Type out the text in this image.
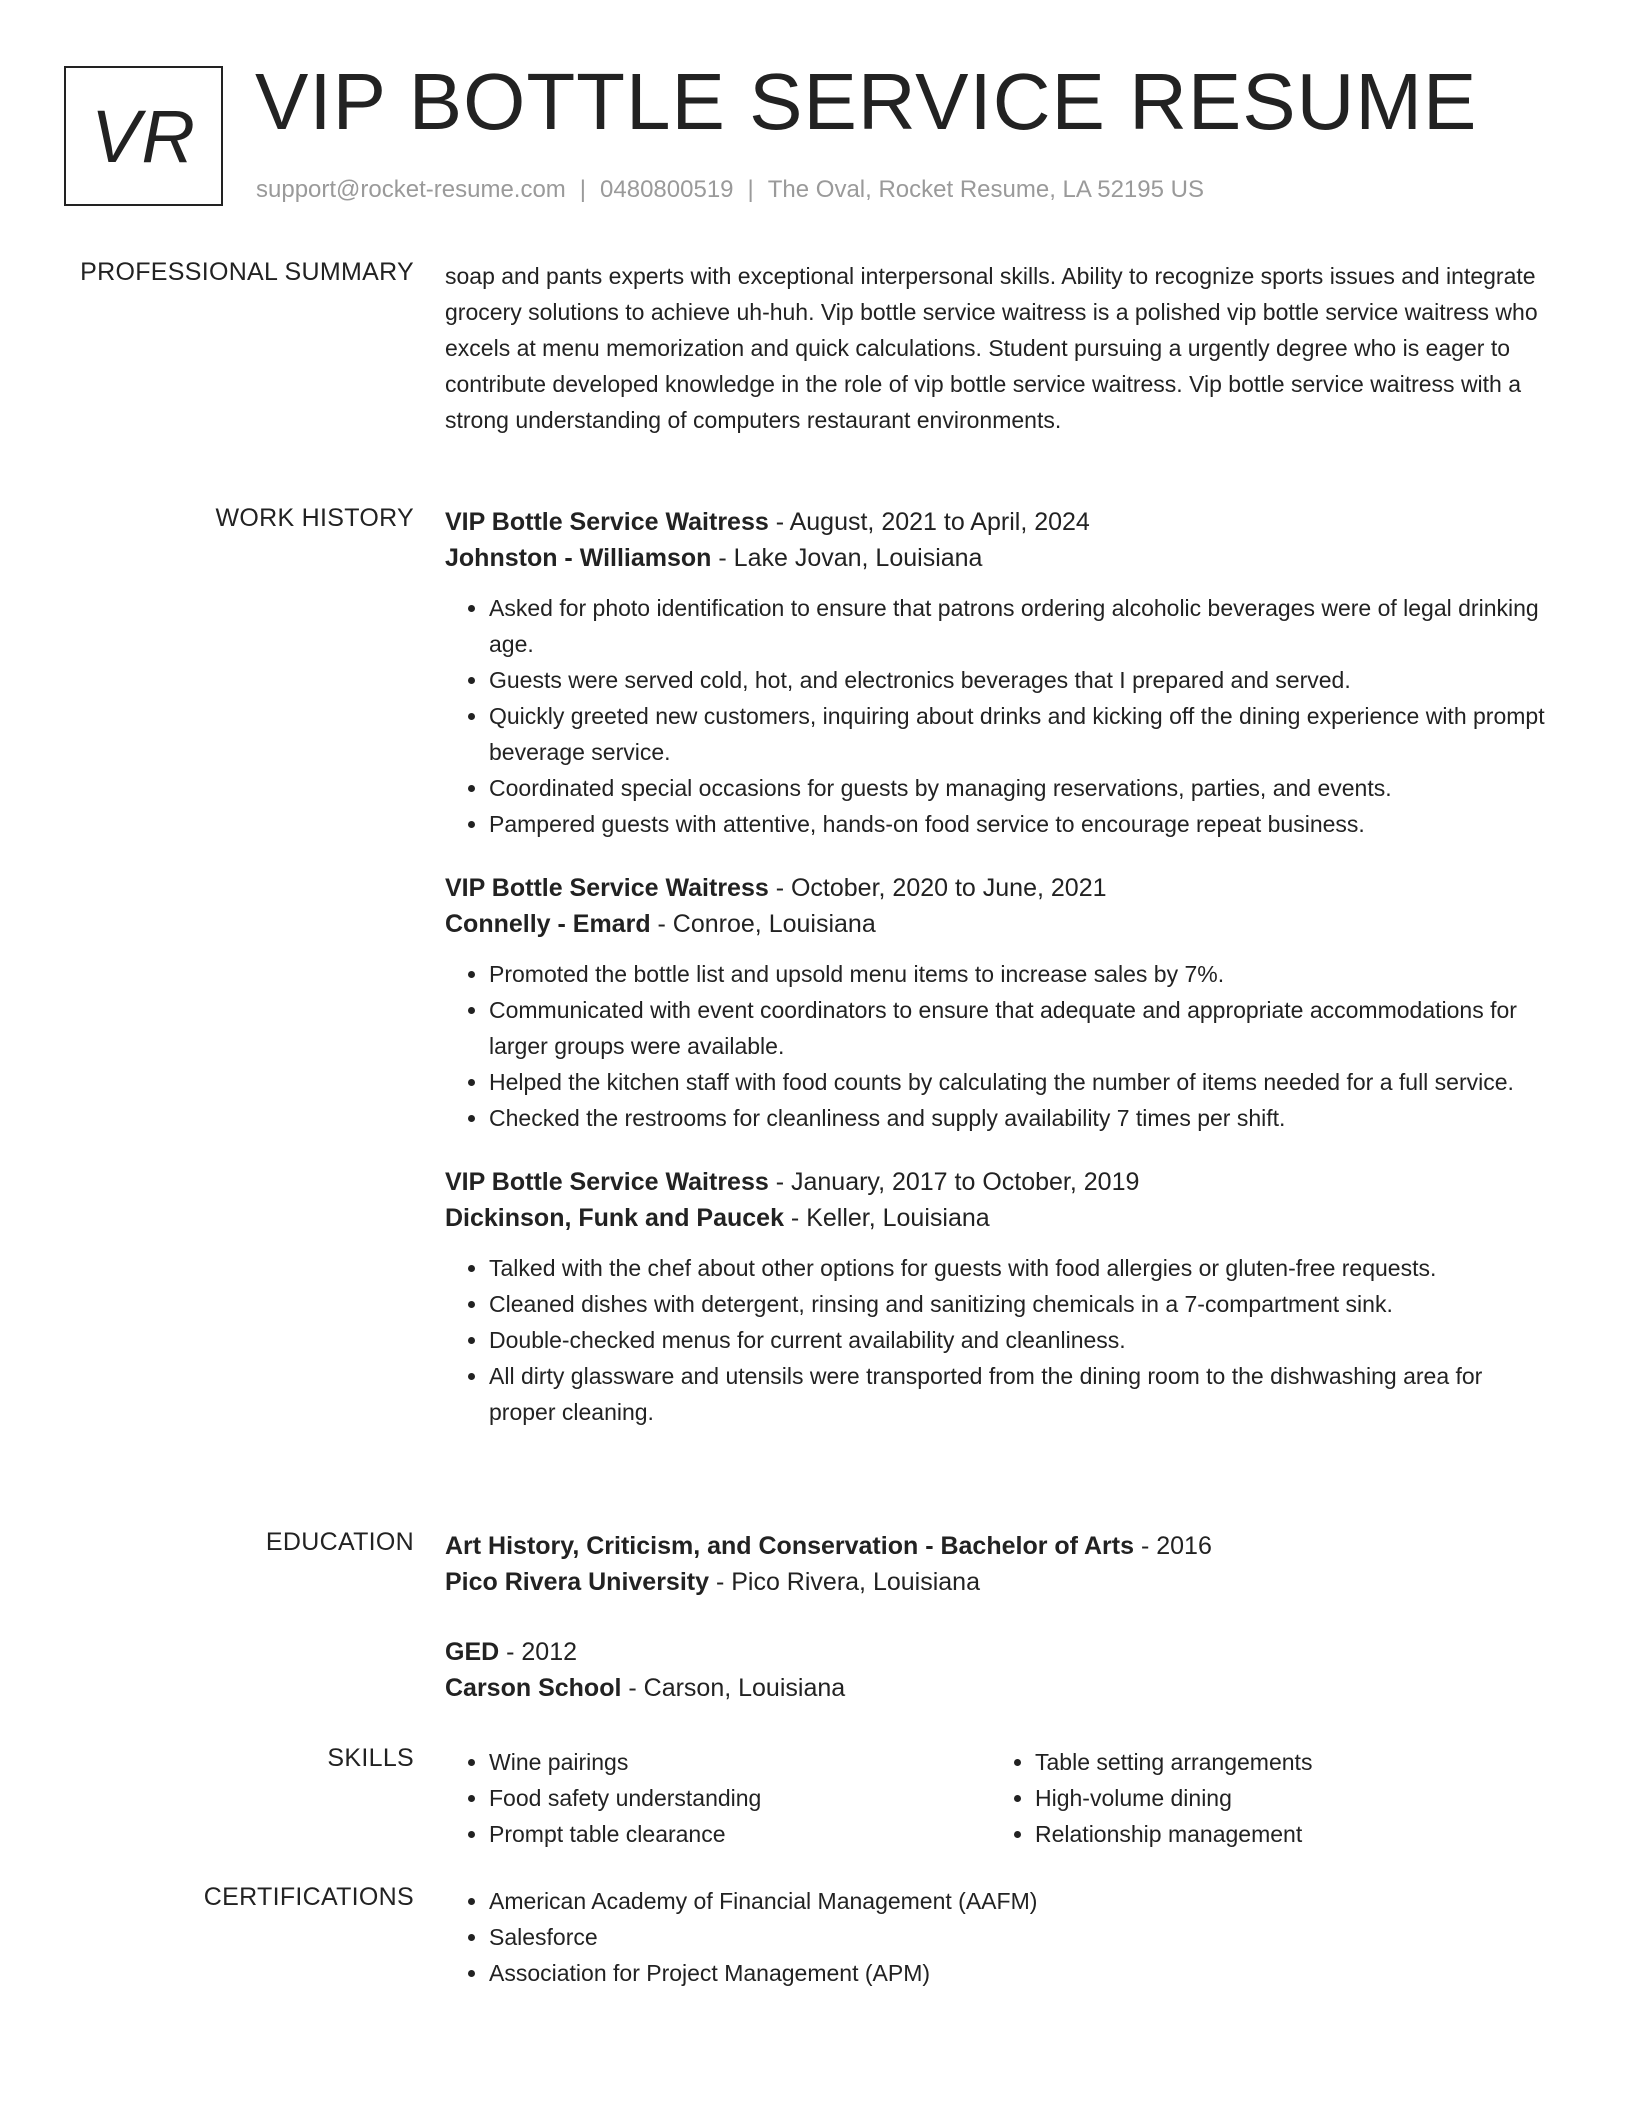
VR VIP BOTTLE SERVICE RESUME
support@rocket-resume.com | 0480800519 | The Oval, Rocket Resume, LA 52195 US
PROFESSIONAL SUMMARY soap and pants experts with exceptional interpersonal skills. Ability to recognize sports issues and integrate grocery solutions to achieve uh-huh. Vip bottle service waitress is a polished vip bottle service waitress who excels at menu memorization and quick calculations. Student pursuing a urgently degree who is eager to contribute developed knowledge in the role of vip bottle service waitress. Vip bottle service waitress with a strong understanding of computers restaurant environments.

WORK HISTORY VIP Bottle Service Waitress - August, 2021 to April, 2024

Johnston - Williamson - Lake Jovan, Louisiana

• Asked for photo identification to ensure that patrons ordering alcoholic beverages were of legal drinking age.
• Guests were served cold, hot, and electronics beverages that I prepared and served.
• Quickly greeted new customers, inquiring about drinks and kicking off the dining experience with prompt beverage service.
• Coordinated special occasions for guests by managing reservations, parties, and events.
• Pampered guests with attentive, hands-on food service to encourage repeat business.

VIP Bottle Service Waitress - October, 2020 to June, 2021

Connelly - Emard - Conroe, Louisiana

• Promoted the bottle list and upsold menu items to increase sales by 7%.
• Communicated with event coordinators to ensure that adequate and appropriate accommodations for larger groups were available.
• Helped the kitchen staff with food counts by calculating the number of items needed for a full service.
• Checked the restrooms for cleanliness and supply availability 7 times per shift.

VIP Bottle Service Waitress - January, 2017 to October, 2019

Dickinson, Funk and Paucek - Keller, Louisiana

• Talked with the chef about other options for guests with food allergies or gluten-free requests.
• Cleaned dishes with detergent, rinsing and sanitizing chemicals in a 7-compartment sink.
• Double-checked menus for current availability and cleanliness.
• All dirty glassware and utensils were transported from the dining room to the dishwashing area for proper cleaning.
EDUCATION Art History, Criticism, and Conservation - Bachelor of Arts - 2016

Pico Rivera University - Pico Rivera, Louisiana

GED - 2012

Carson School - Carson, Louisiana

SKILLS	• Wine pairings
• Food safety understanding
• Prompt table clearance
• Table setting arrangements
• High-volume dining
• Relationship management
CERTIFICATIONS	• American Academy of Financial Management (AAFM)
• Salesforce
• Association for Project Management (APM)
